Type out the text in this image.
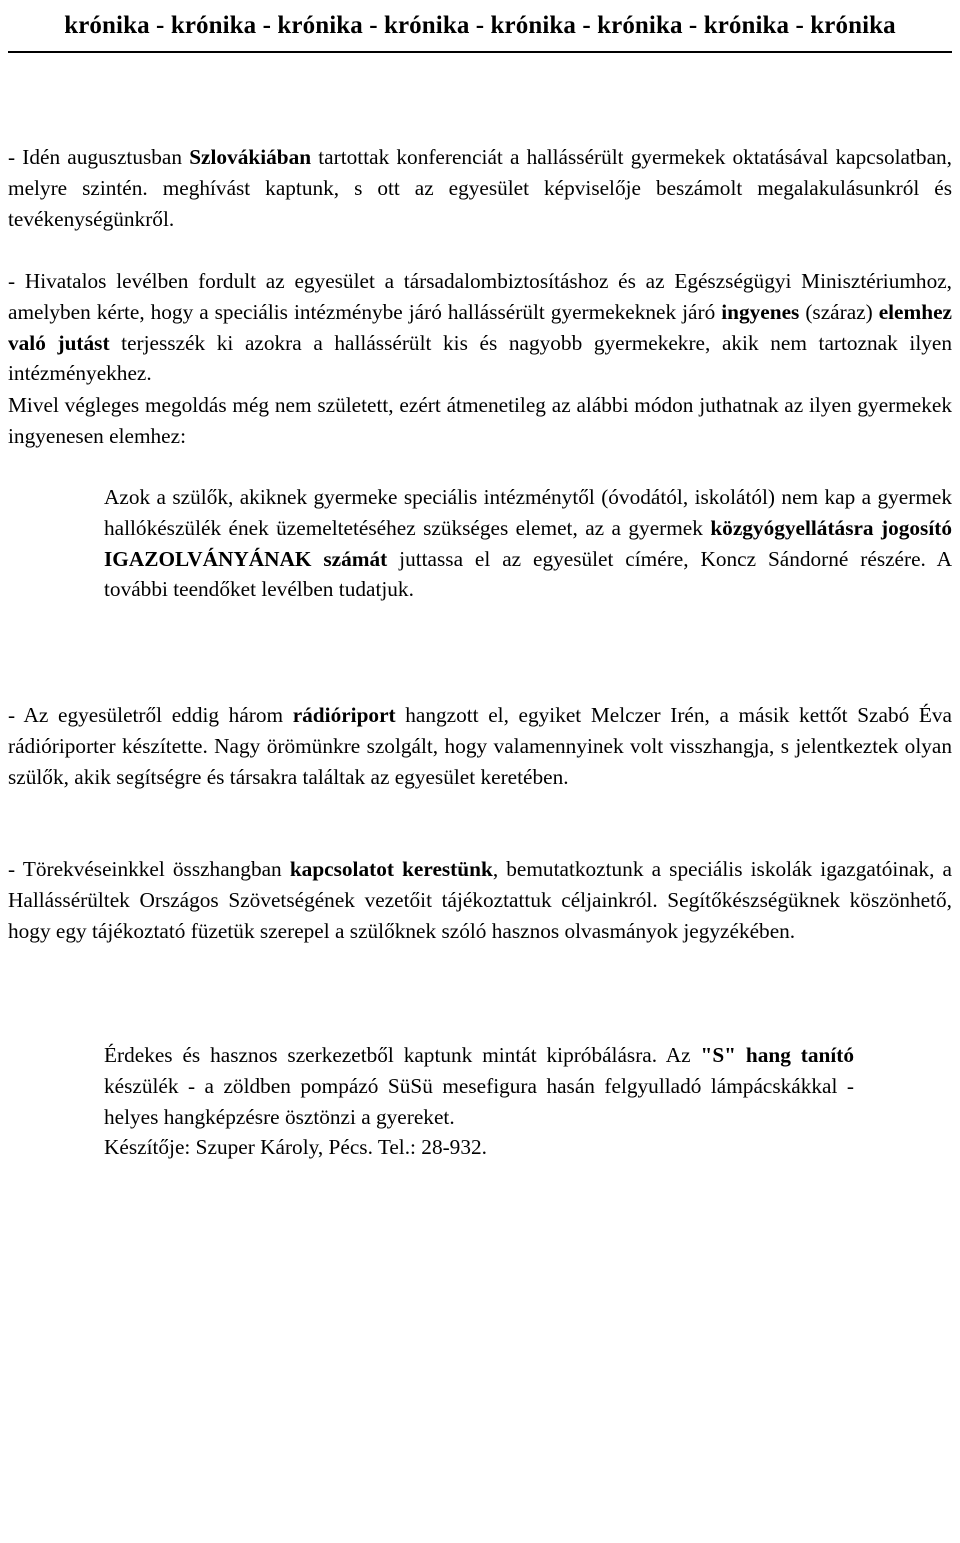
krónika - krónika - krónika - krónika - krónika - krónika - krónika - krónika

- Idén augusztusban Szlovákiában tartottak konferenciát a hallássérült gyermekek oktatásával kapcsolatban, melyre szintén. meghívást kaptunk, s ott az egyesület képviselője beszámolt megalakulásunkról és tevékenységünkről.

- Hivatalos levélben fordult az egyesület a társadalombiztosításhoz és az Egészségügyi Minisztériumhoz, amelyben kérte, hogy a speciális intézménybe járó hallássérült gyermekeknek járó ingyenes (száraz) elemhez való jutást terjesszék ki azokra a hallássérült kis és nagyobb gyermekekre, akik nem tartoznak ilyen intézményekhez.

Mivel végleges megoldás még nem született, ezért átmenetileg az alábbi módon juthatnak az ilyen gyermekek ingyenesen elemhez:

Azok a szülők, akiknek gyermeke speciális intézménytől (óvodától, iskolától) nem kap a gyermek hallókészülék ének üzemeltetéséhez szükséges elemet, az a gyermek közgyógyellátásra jogosító IGAZOLVÁNYÁNAK számát juttassa el az egyesület címére, Koncz Sándorné részére. A további teendőket levélben tudatjuk.

- Az egyesületről eddig három rádióriport hangzott el, egyiket Melczer Irén, a másik kettőt Szabó Éva rádióriporter készítette. Nagy örömünkre szolgált, hogy valamennyinek volt visszhangja, s jelentkeztek olyan szülők, akik segítségre és társakra találtak az egyesület keretében.

- Törekvéseinkkel összhangban kapcsolatot kerestünk, bemutatkoztunk a speciális iskolák igazgatóinak, a Hallássérültek Országos Szövetségének vezetőit tájékoztattuk céljainkról. Segítőkészségüknek köszönhető, hogy egy tájékoztató füzetük szerepel a szülőknek szóló hasznos olvasmányok jegyzékében.

Érdekes és hasznos szerkezetből kaptunk mintát kipróbálásra. Az "S" hang tanító készülék - a zöldben pompázó SüSü mesefigura hasán felgyulladó lámpácskákkal - helyes hangképzésre ösztönzi a gyereket.
Készítője: Szuper Károly, Pécs. Tel.: 28-932.
